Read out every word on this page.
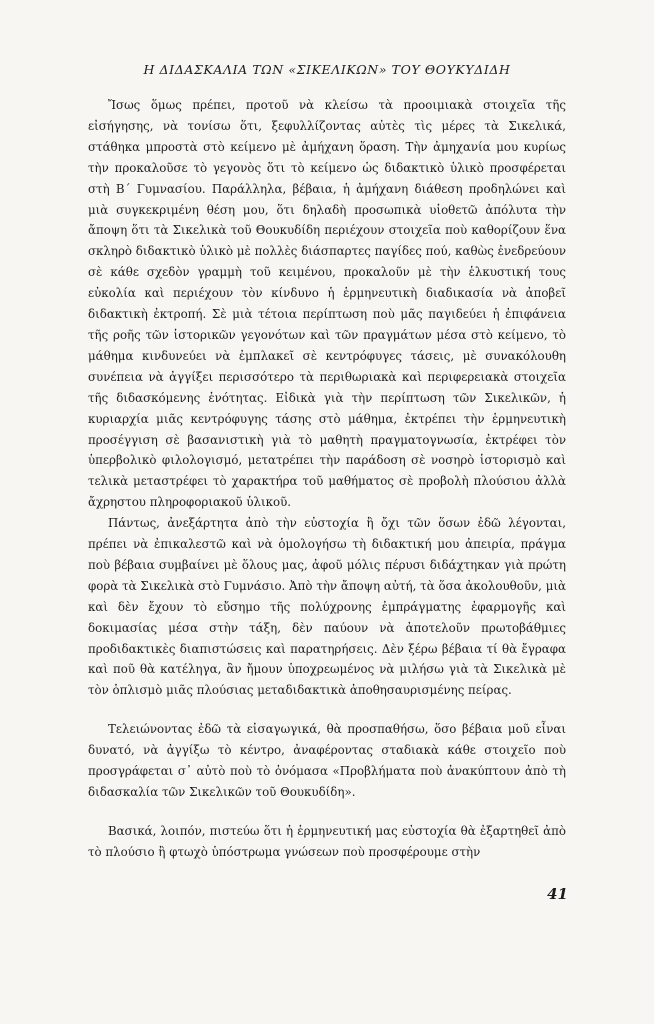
Η ΔΙΔΑΣΚΑΛΙΑ ΤΩΝ «ΣΙΚΕΛΙΚΩΝ» ΤΟΥ ΘΟΥΚΥΔΙΔΗ

Ἴσως ὅμως πρέπει, προτοῦ νὰ κλείσω τὰ προοιμιακὰ στοιχεῖα τῆς εἰσήγησης, νὰ τονίσω ὅτι, ξεφυλλίζοντας αὐτὲς τὶς μέρες τὰ Σικελικά, στάθηκα μπροστὰ στὸ κείμενο μὲ ἀμήχανη ὅραση. Τὴν ἀμηχανία μου κυρίως τὴν προκαλοῦσε τὸ γεγονὸς ὅτι τὸ κείμενο ὡς διδακτικὸ ὑλικὸ προσφέρεται στὴ Β΄ Γυμνασίου. Παράλληλα, βέβαια, ἡ ἀμήχανη διάθεση προδηλώνει καὶ μιὰ συγκεκριμένη θέση μου, ὅτι δηλαδὴ προσωπικὰ υἱοθετῶ ἀπόλυτα τὴν ἄποψη ὅτι τὰ Σικελικὰ τοῦ Θουκυδίδη περιέχουν στοιχεῖα ποὺ καθορίζουν ἕνα σκληρὸ διδακτικὸ ὑλικὸ μὲ πολλὲς διάσπαρτες παγίδες πού, καθὼς ἐνεδρεύουν σὲ κάθε σχεδὸν γραμμὴ τοῦ κειμένου, προκαλοῦν μὲ τὴν ἑλκυστική τους εὐκολία καὶ περιέχουν τὸν κίνδυνο ἡ ἑρμηνευτικὴ διαδικασία νὰ ἀποβεῖ διδακτικὴ ἐκτροπή. Σὲ μιὰ τέτοια περίπτωση ποὺ μᾶς παγιδεύει ἡ ἐπιφάνεια τῆς ροῆς τῶν ἱστορικῶν γεγονότων καὶ τῶν πραγμάτων μέσα στὸ κείμενο, τὸ μάθημα κινδυνεύει νὰ ἐμπλακεῖ σὲ κεντρόφυγες τάσεις, μὲ συνακόλουθη συνέπεια νὰ ἀγγίξει περισσότερο τὰ περιθωριακὰ καὶ περιφερειακὰ στοιχεῖα τῆς διδασκόμενης ἑνότητας. Εἰδικὰ γιὰ τὴν περίπτωση τῶν Σικελικῶν, ἡ κυριαρχία μιᾶς κεντρόφυγης τάσης στὸ μάθημα, ἐκτρέπει τὴν ἑρμηνευτικὴ προσέγγιση σὲ βασανιστικὴ γιὰ τὸ μαθητὴ πραγματογνωσία, ἐκτρέφει τὸν ὑπερβολικὸ φιλολογισμό, μετατρέπει τὴν παράδοση σὲ νοσηρὸ ἱστορισμὸ καὶ τελικὰ μεταστρέφει τὸ χαρακτήρα τοῦ μαθήματος σὲ προβολὴ πλούσιου ἀλλὰ ἄχρηστου πληροφοριακοῦ ὑλικοῦ.

Πάντως, ἀνεξάρτητα ἀπὸ τὴν εὐστοχία ἢ ὄχι τῶν ὅσων ἐδῶ λέγονται, πρέπει νὰ ἐπικαλεστῶ καὶ νὰ ὁμολογήσω τὴ διδακτική μου ἀπειρία, πράγμα ποὺ βέβαια συμβαίνει μὲ ὅλους μας, ἀφοῦ μόλις πέρυσι διδάχτηκαν γιὰ πρώτη φορὰ τὰ Σικελικὰ στὸ Γυμνάσιο. Ἀπὸ τὴν ἄποψη αὐτή, τὰ ὅσα ἀκολουθοῦν, μιὰ καὶ δὲν ἔχουν τὸ εὔσημο τῆς πολύχρονης ἐμπράγματης ἐφαρμογῆς καὶ δοκιμασίας μέσα στὴν τάξη, δὲν παύουν νὰ ἀποτελοῦν πρωτοβάθμιες προδιδακτικὲς διαπιστώσεις καὶ παρατηρήσεις. Δὲν ξέρω βέβαια τί θὰ ἔγραφα καὶ ποῦ θὰ κατέληγα, ἂν ἤμουν ὑποχρεωμένος νὰ μιλήσω γιὰ τὰ Σικελικὰ μὲ τὸν ὁπλισμὸ μιᾶς πλούσιας μεταδιδακτικὰ ἀποθησαυρισμένης πείρας.

Τελειώνοντας ἐδῶ τὰ εἰσαγωγικά, θὰ προσπαθήσω, ὅσο βέβαια μοῦ εἶναι δυνατό, νὰ ἀγγίξω τὸ κέντρο, ἀναφέροντας σταδιακὰ κάθε στοιχεῖο ποὺ προσγράφεται σ᾽ αὐτὸ ποὺ τὸ ὀνόμασα «Προβλήματα ποὺ ἀνακύπτουν ἀπὸ τὴ διδασκαλία τῶν Σικελικῶν τοῦ Θουκυδίδη».

Βασικά, λοιπόν, πιστεύω ὅτι ἡ ἑρμηνευτική μας εὐστοχία θὰ ἐξαρτηθεῖ ἀπὸ τὸ πλούσιο ἢ φτωχὸ ὑπόστρωμα γνώσεων ποὺ προσφέρουμε στὴν

41
